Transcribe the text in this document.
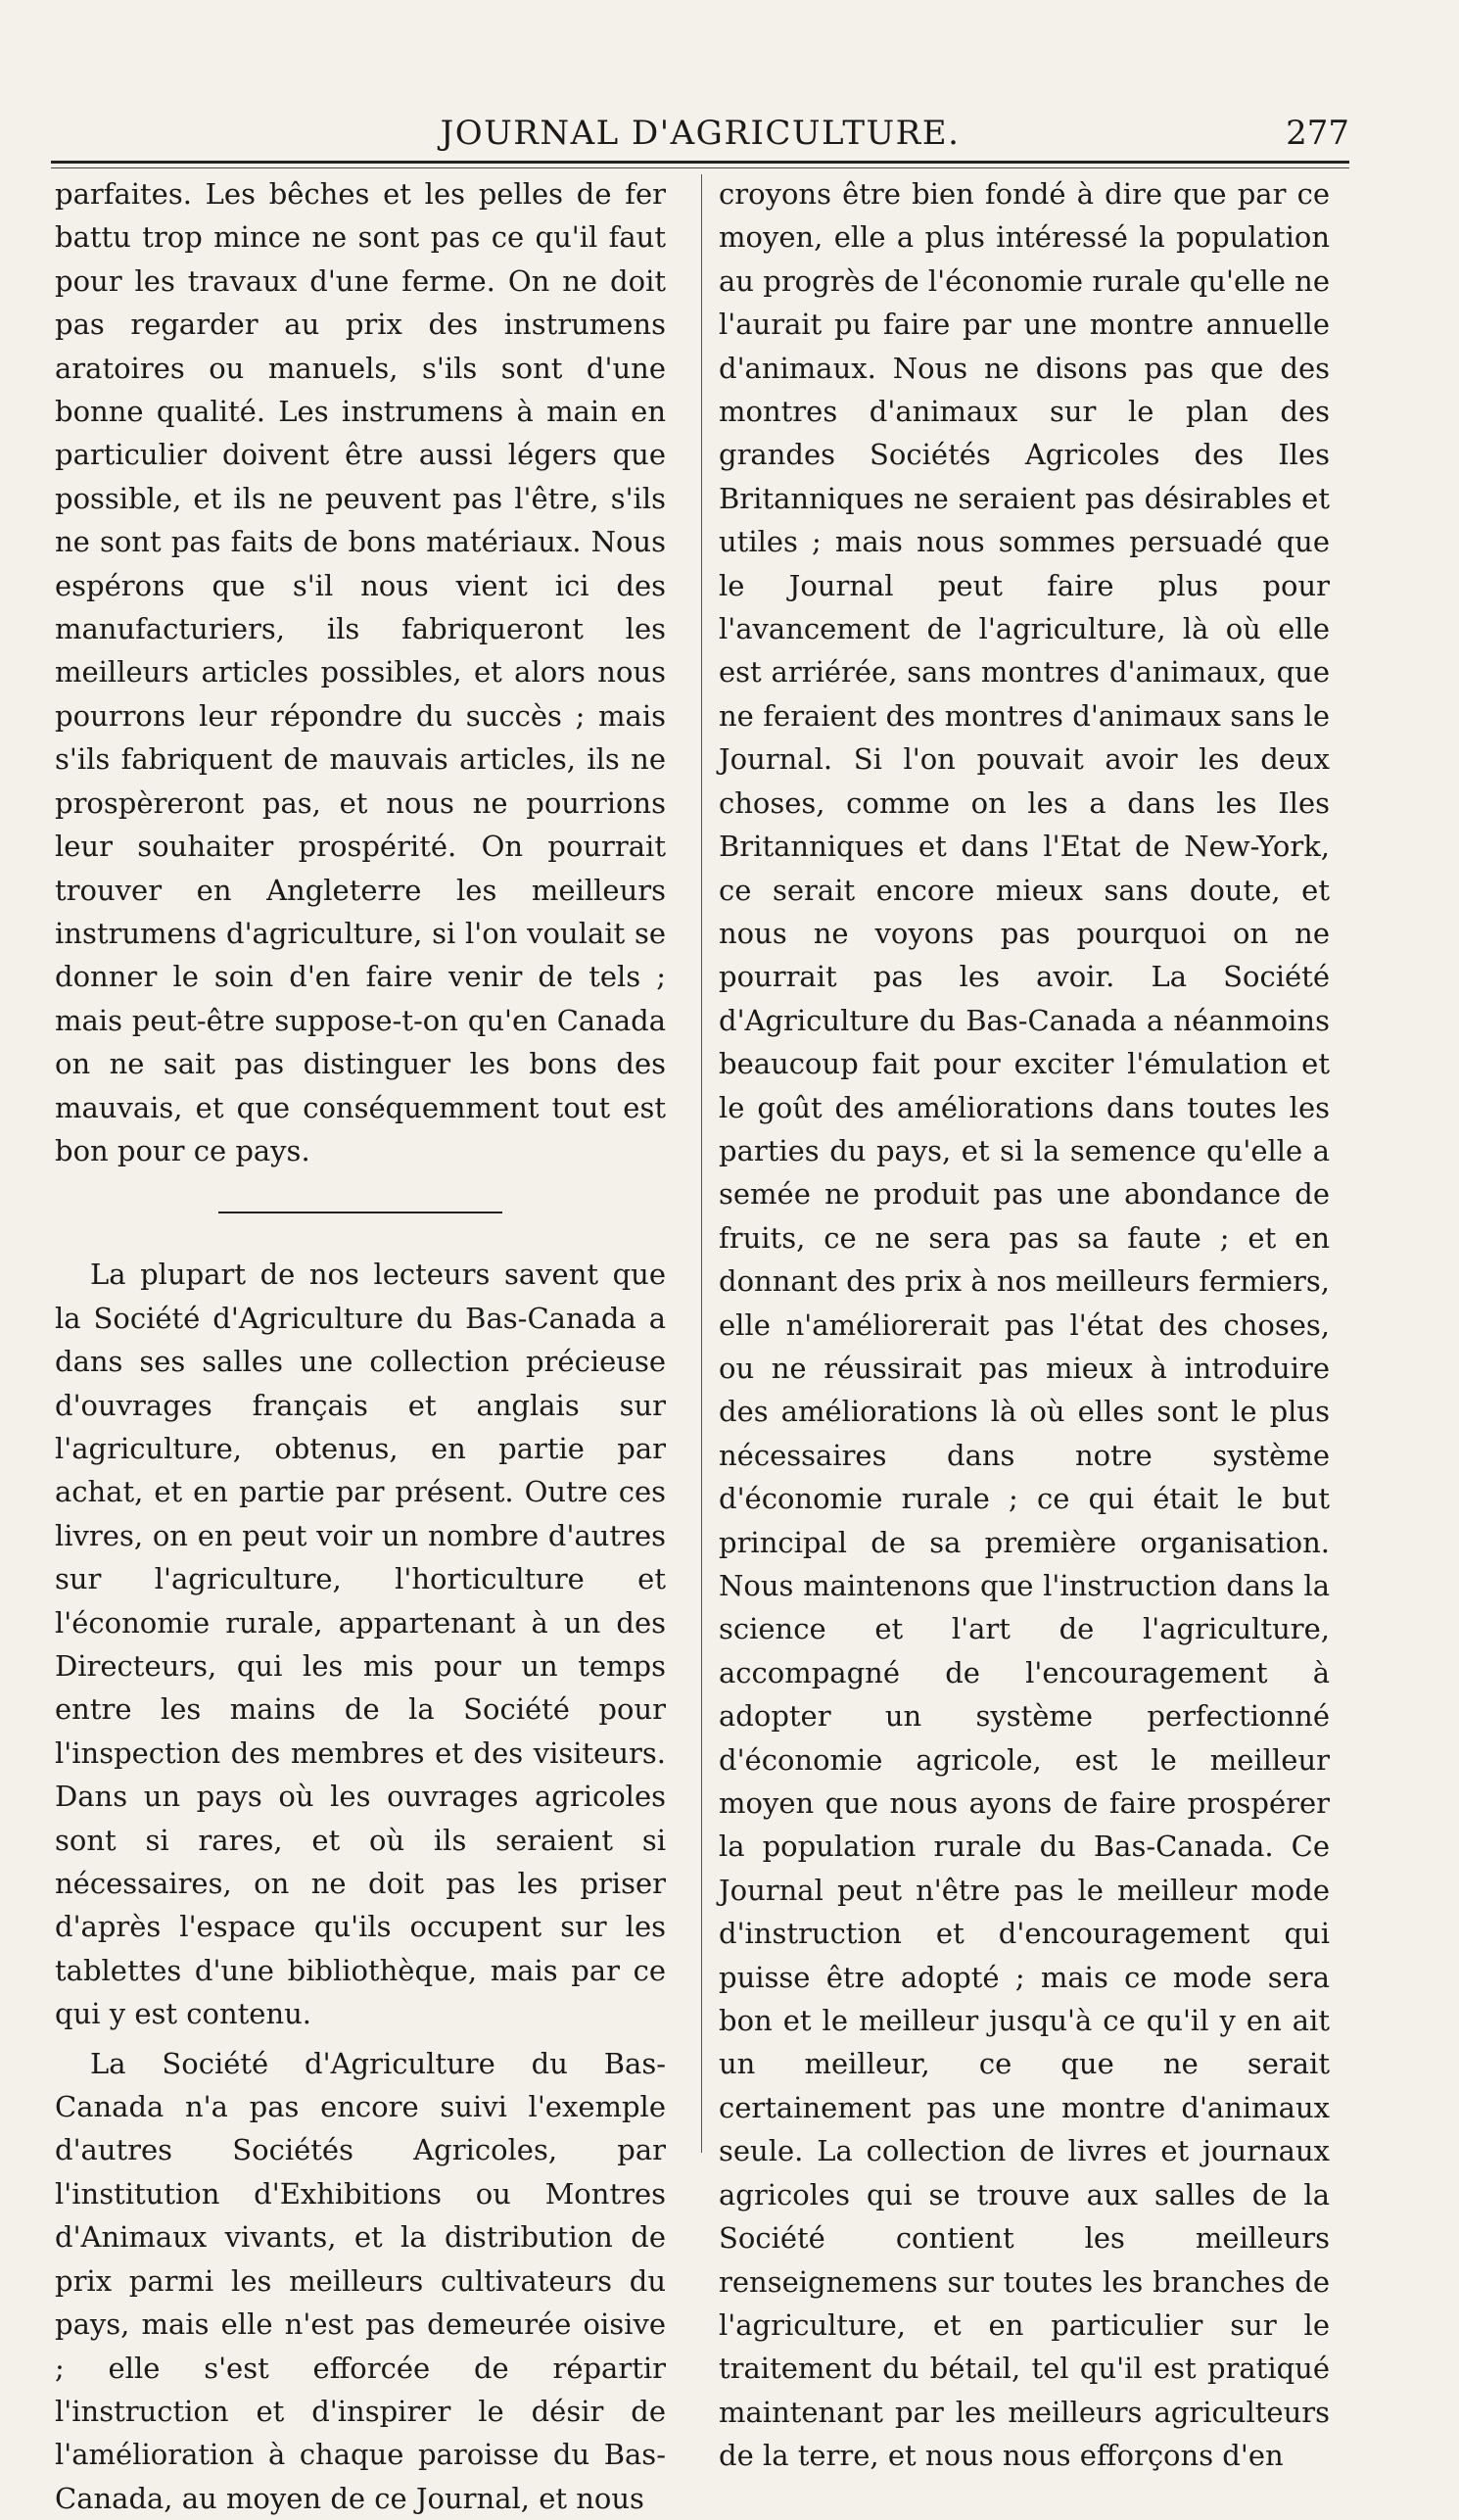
JOURNAL D'AGRICULTURE.	277

parfaites. Les bêches et les pelles de fer battu trop mince ne sont pas ce qu'il faut pour les travaux d'une ferme. On ne doit pas regarder au prix des instrumens aratoires ou manuels, s'ils sont d'une bonne qualité. Les instrumens à main en particulier doivent être aussi légers que possible, et ils ne peuvent pas l'être, s'ils ne sont pas faits de bons matériaux. Nous espérons que s'il nous vient ici des manufacturiers, ils fabriqueront les meilleurs articles possibles, et alors nous pourrons leur répondre du succès ; mais s'ils fabriquent de mauvais articles, ils ne prospèreront pas, et nous ne pourrions leur souhaiter prospérité. On pourrait trouver en Angleterre les meilleurs instrumens d'agriculture, si l'on voulait se donner le soin d'en faire venir de tels ; mais peut-être suppose-t-on qu'en Canada on ne sait pas distinguer les bons des mauvais, et que conséquemment tout est bon pour ce pays.

La plupart de nos lecteurs savent que la Société d'Agriculture du Bas-Canada a dans ses salles une collection précieuse d'ouvrages français et anglais sur l'agriculture, obtenus, en partie par achat, et en partie par présent. Outre ces livres, on en peut voir un nombre d'autres sur l'agriculture, l'horticulture et l'économie rurale, appartenant à un des Directeurs, qui les mis pour un temps entre les mains de la Société pour l'inspection des membres et des visiteurs. Dans un pays où les ouvrages agricoles sont si rares, et où ils seraient si nécessaires, on ne doit pas les priser d'après l'espace qu'ils occupent sur les tablettes d'une bibliothèque, mais par ce qui y est contenu.

La Société d'Agriculture du Bas-Canada n'a pas encore suivi l'exemple d'autres Sociétés Agricoles, par l'institution d'Exhibitions ou Montres d'Animaux vivants, et la distribution de prix parmi les meilleurs cultivateurs du pays, mais elle n'est pas demeurée oisive ; elle s'est efforcée de répartir l'instruction et d'inspirer le désir de l'amélioration à chaque paroisse du Bas-Canada, au moyen de ce Journal, et nous

croyons être bien fondé à dire que par ce moyen, elle a plus intéressé la population au progrès de l'économie rurale qu'elle ne l'aurait pu faire par une montre annuelle d'animaux. Nous ne disons pas que des montres d'animaux sur le plan des grandes Sociétés Agricoles des Iles Britanniques ne seraient pas désirables et utiles ; mais nous sommes persuadé que le Journal peut faire plus pour l'avancement de l'agriculture, là où elle est arriérée, sans montres d'animaux, que ne feraient des montres d'animaux sans le Journal. Si l'on pouvait avoir les deux choses, comme on les a dans les Iles Britanniques et dans l'Etat de New-York, ce serait encore mieux sans doute, et nous ne voyons pas pourquoi on ne pourrait pas les avoir. La Société d'Agriculture du Bas-Canada a néanmoins beaucoup fait pour exciter l'émulation et le goût des améliorations dans toutes les parties du pays, et si la semence qu'elle a semée ne produit pas une abondance de fruits, ce ne sera pas sa faute ; et en donnant des prix à nos meilleurs fermiers, elle n'améliorerait pas l'état des choses, ou ne réussirait pas mieux à introduire des améliorations là où elles sont le plus nécessaires dans notre système d'économie rurale ; ce qui était le but principal de sa première organisation. Nous maintenons que l'instruction dans la science et l'art de l'agriculture, accompagné de l'encouragement à adopter un système perfectionné d'économie agricole, est le meilleur moyen que nous ayons de faire prospérer la population rurale du Bas-Canada. Ce Journal peut n'être pas le meilleur mode d'instruction et d'encouragement qui puisse être adopté ; mais ce mode sera bon et le meilleur jusqu'à ce qu'il y en ait un meilleur, ce que ne serait certainement pas une montre d'animaux seule. La collection de livres et journaux agricoles qui se trouve aux salles de la Société contient les meilleurs renseignemens sur toutes les branches de l'agriculture, et en particulier sur le traitement du bétail, tel qu'il est pratiqué maintenant par les meilleurs agriculteurs de la terre, et nous nous efforçons d'en
